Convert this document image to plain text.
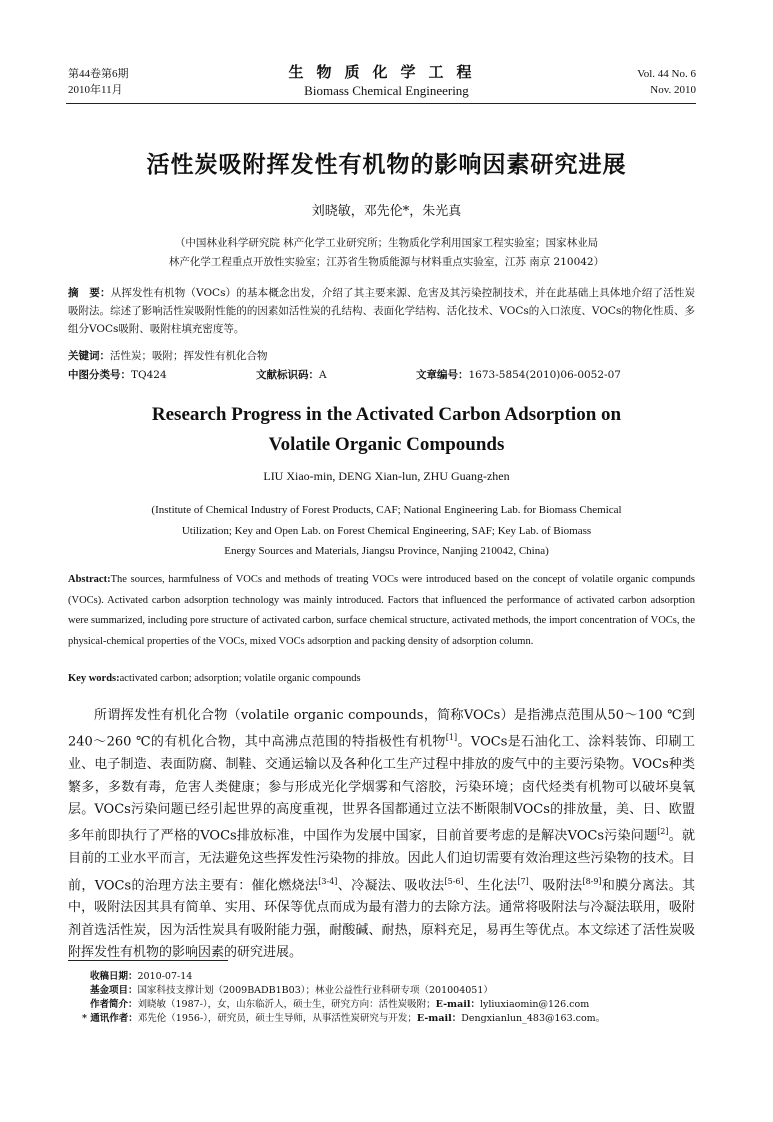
第44卷第6期
2010年11月
生物质化学工程
Biomass Chemical Engineering
Vol. 44 No. 6
Nov. 2010
活性炭吸附挥发性有机物的影响因素研究进展
刘晓敏，邓先伦*，朱光真
（中国林业科学研究院 林产化学工业研究所；生物质化学利用国家工程实验室；国家林业局
林产化学工程重点开放性实验室；江苏省生物质能源与材料重点实验室，江苏 南京 210042）
摘　要：从挥发性有机物（VOCs）的基本概念出发，介绍了其主要来源、危害及其污染控制技术，并在此基础上具体地介绍了活性炭吸附法。综述了影响活性炭吸附性能的的因素如活性炭的孔结构、表面化学结构、活化技术、VOCs的入口浓度、VOCs的物化性质、多组分VOCs吸附、吸附柱填充密度等。
关键词：活性炭；吸附；挥发性有机化合物
中图分类号：TQ424	文献标识码：A	文章编号：1673-5854(2010)06-0052-07
Research Progress in the Activated Carbon Adsorption on
Volatile Organic Compounds
LIU Xiao-min, DENG Xian-lun, ZHU Guang-zhen
(Institute of Chemical Industry of Forest Products, CAF; National Engineering Lab. for Biomass Chemical
Utilization; Key and Open Lab. on Forest Chemical Engineering, SAF; Key Lab. of Biomass
Energy Sources and Materials, Jiangsu Province, Nanjing 210042, China)
Abstract:The sources, harmfulness of VOCs and methods of treating VOCs were introduced based on the concept of volatile organic compunds (VOCs). Activated carbon adsorption technology was mainly introduced. Factors that influenced the performance of activated carbon adsorption were summarized, including pore structure of activated carbon, surface chemical structure, activated methods, the import concentration of VOCs, the physical-chemical properties of the VOCs, mixed VOCs adsorption and packing density of adsorption column.
Key words:activated carbon; adsorption; volatile organic compounds
所谓挥发性有机化合物（volatile organic compounds，简称VOCs）是指沸点范围从50～100 ℃到240～260 ℃的有机化合物，其中高沸点范围的特指极性有机物[1]。VOCs是石油化工、涂料装饰、印刷工业、电子制造、表面防腐、制鞋、交通运输以及各种化工生产过程中排放的废气中的主要污染物。VOCs种类繁多，多数有毒，危害人类健康；参与形成光化学烟雾和气溶胶，污染环境；卤代烃类有机物可以破坏臭氧层。VOCs污染问题已经引起世界的高度重视，世界各国都通过立法不断限制VOCs的排放量，美、日、欧盟多年前即执行了严格的VOCs排放标准，中国作为发展中国家，目前首要考虑的是解决VOCs污染问题[2]。就目前的工业水平而言，无法避免这些挥发性污染物的排放。因此人们迫切需要有效治理这些污染物的技术。目前，VOCs的治理方法主要有：催化燃烧法[3-4]、冷凝法、吸收法[5-6]、生化法[7]、吸附法[8-9]和膜分离法。其中，吸附法因其具有简单、实用、环保等优点而成为最有潜力的去除方法。通常将吸附法与冷凝法联用，吸附剂首选活性炭，因为活性炭具有吸附能力强，耐酸碱、耐热，原料充足，易再生等优点。本文综述了活性炭吸附挥发性有机物的影响因素的研究进展。
收稿日期：2010-07-14
基金项目：国家科技支撑计划（2009BADB1B03）；林业公益性行业科研专项（201004051）
作者简介：刘晓敏（1987-），女，山东临沂人，硕士生，研究方向：活性炭吸附；E-mail：lyliuxiaomin@126.com
* 通讯作者：邓先伦（1956-），研究员，硕士生导师，从事活性炭研究与开发；E-mail：Dengxianlun_483@163.com。
